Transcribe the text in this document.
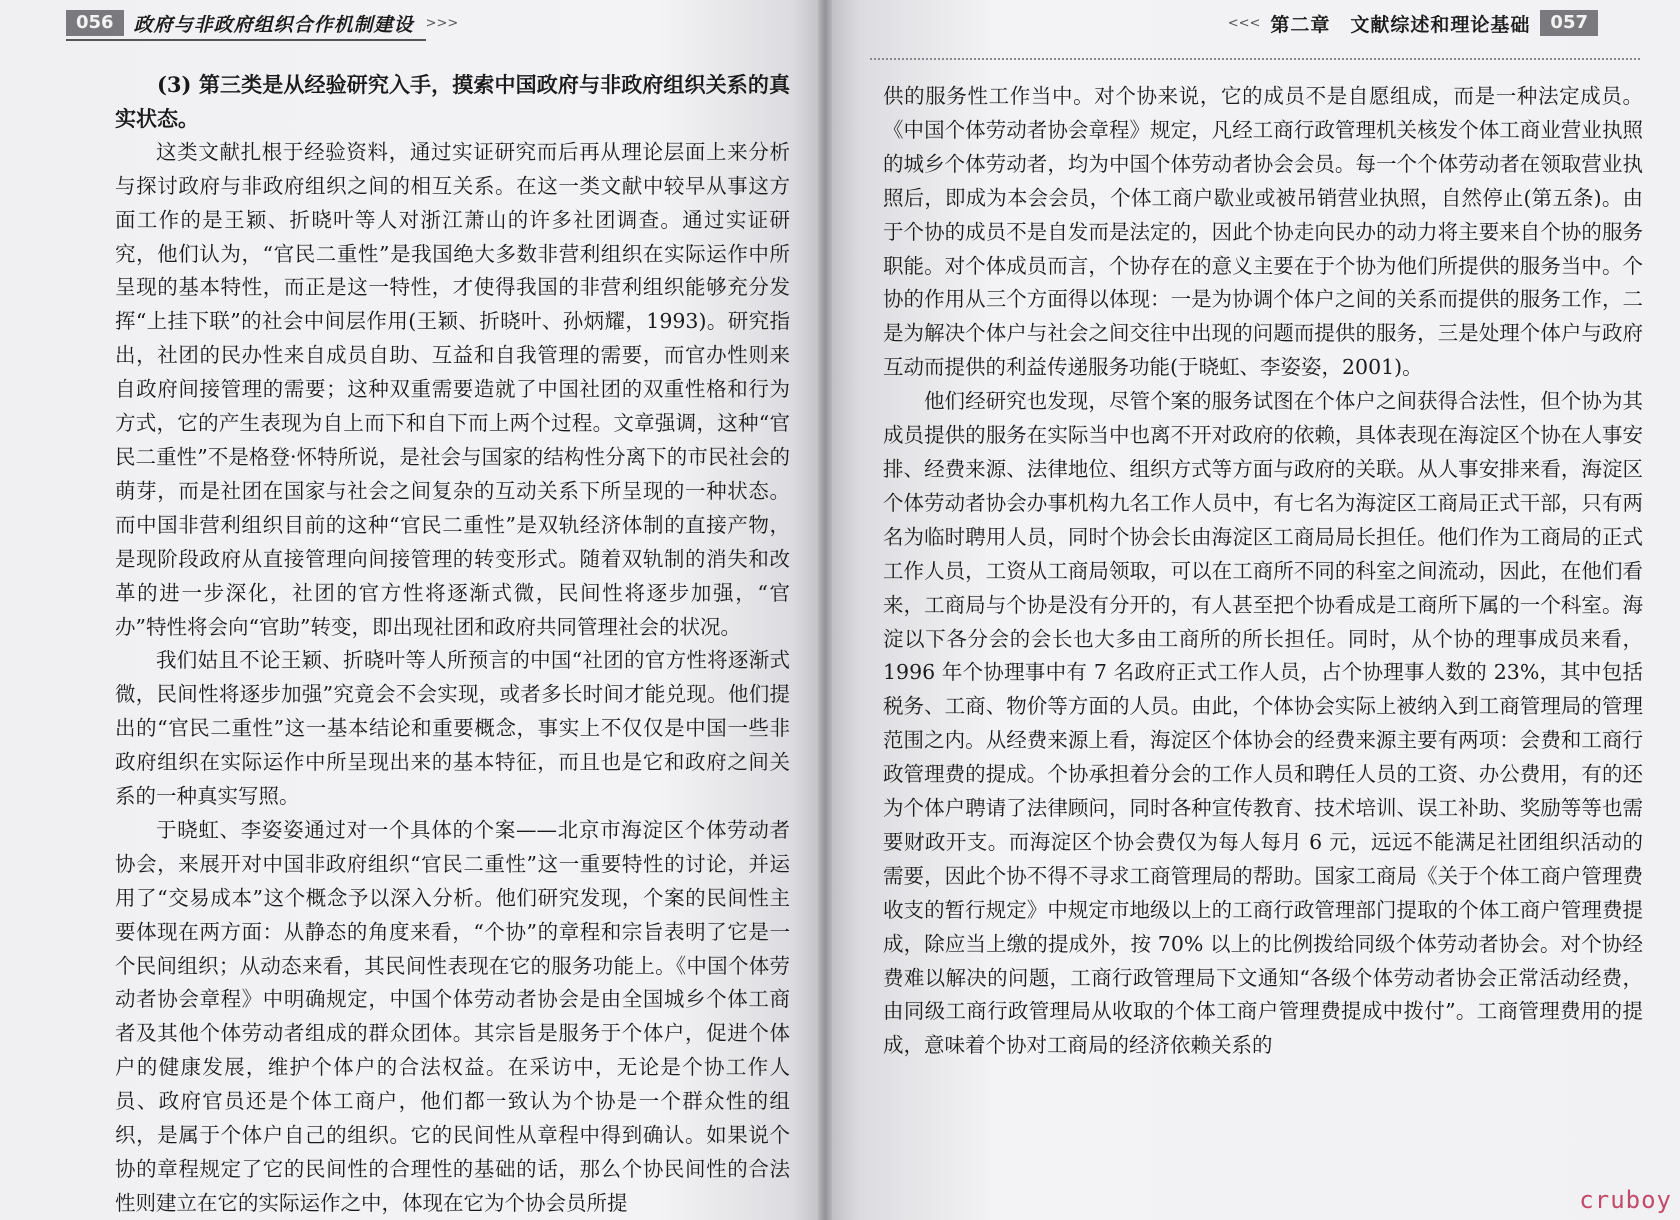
056	政府与非政府组织合作机制建设 >>>

(3) 第三类是从经验研究入手，摸索中国政府与非政府组织关系的真实状态。

这类文献扎根于经验资料，通过实证研究而后再从理论层面上来分析与探讨政府与非政府组织之间的相互关系。在这一类文献中较早从事这方面工作的是王颖、折晓叶等人对浙江萧山的许多社团调查。通过实证研究，他们认为，“官民二重性”是我国绝大多数非营利组织在实际运作中所呈现的基本特性，而正是这一特性，才使得我国的非营利组织能够充分发挥“上挂下联”的社会中间层作用(王颖、折晓叶、孙炳耀，1993)。研究指出，社团的民办性来自成员自助、互益和自我管理的需要，而官办性则来自政府间接管理的需要；这种双重需要造就了中国社团的双重性格和行为方式，它的产生表现为自上而下和自下而上两个过程。文章强调，这种“官民二重性”不是格登·怀特所说，是社会与国家的结构性分离下的市民社会的萌芽，而是社团在国家与社会之间复杂的互动关系下所呈现的一种状态。而中国非营利组织目前的这种“官民二重性”是双轨经济体制的直接产物，是现阶段政府从直接管理向间接管理的转变形式。随着双轨制的消失和改革的进一步深化，社团的官方性将逐渐式微，民间性将逐步加强，“官办”特性将会向“官助”转变，即出现社团和政府共同管理社会的状况。

我们姑且不论王颖、折晓叶等人所预言的中国“社团的官方性将逐渐式微，民间性将逐步加强”究竟会不会实现，或者多长时间才能兑现。他们提出的“官民二重性”这一基本结论和重要概念，事实上不仅仅是中国一些非政府组织在实际运作中所呈现出来的基本特征，而且也是它和政府之间关系的一种真实写照。

于晓虹、李姿姿通过对一个具体的个案——北京市海淀区个体劳动者协会，来展开对中国非政府组织“官民二重性”这一重要特性的讨论，并运用了“交易成本”这个概念予以深入分析。他们研究发现，个案的民间性主要体现在两方面：从静态的角度来看，“个协”的章程和宗旨表明了它是一个民间组织；从动态来看，其民间性表现在它的服务功能上。《中国个体劳动者协会章程》中明确规定，中国个体劳动者协会是由全国城乡个体工商者及其他个体劳动者组成的群众团体。其宗旨是服务于个体户，促进个体户的健康发展，维护个体户的合法权益。在采访中，无论是个协工作人员、政府官员还是个体工商户，他们都一致认为个协是一个群众性的组织，是属于个体户自己的组织。它的民间性从章程中得到确认。如果说个协的章程规定了它的民间性的合理性的基础的话，那么个协民间性的合法性则建立在它的实际运作之中，体现在它为个协会员所提

<<< 第二章　文献综述和理论基础	057

供的服务性工作当中。对个协来说，它的成员不是自愿组成，而是一种法定成员。《中国个体劳动者协会章程》规定，凡经工商行政管理机关核发个体工商业营业执照的城乡个体劳动者，均为中国个体劳动者协会会员。每一个个体劳动者在领取营业执照后，即成为本会会员，个体工商户歇业或被吊销营业执照，自然停止(第五条)。由于个协的成员不是自发而是法定的，因此个协走向民办的动力将主要来自个协的服务职能。对个体成员而言，个协存在的意义主要在于个协为他们所提供的服务当中。个协的作用从三个方面得以体现：一是为协调个体户之间的关系而提供的服务工作，二是为解决个体户与社会之间交往中出现的问题而提供的服务，三是处理个体户与政府互动而提供的利益传递服务功能(于晓虹、李姿姿，2001)。

他们经研究也发现，尽管个案的服务试图在个体户之间获得合法性，但个协为其成员提供的服务在实际当中也离不开对政府的依赖，具体表现在海淀区个协在人事安排、经费来源、法律地位、组织方式等方面与政府的关联。从人事安排来看，海淀区个体劳动者协会办事机构九名工作人员中，有七名为海淀区工商局正式干部，只有两名为临时聘用人员，同时个协会长由海淀区工商局局长担任。他们作为工商局的正式工作人员，工资从工商局领取，可以在工商所不同的科室之间流动，因此，在他们看来，工商局与个协是没有分开的，有人甚至把个协看成是工商所下属的一个科室。海淀以下各分会的会长也大多由工商所的所长担任。同时，从个协的理事成员来看，1996 年个协理事中有 7 名政府正式工作人员，占个协理事人数的 23%，其中包括税务、工商、物价等方面的人员。由此，个体协会实际上被纳入到工商管理局的管理范围之内。从经费来源上看，海淀区个体协会的经费来源主要有两项：会费和工商行政管理费的提成。个协承担着分会的工作人员和聘任人员的工资、办公费用，有的还为个体户聘请了法律顾问，同时各种宣传教育、技术培训、误工补助、奖励等等也需要财政开支。而海淀区个协会费仅为每人每月 6 元，远远不能满足社团组织活动的需要，因此个协不得不寻求工商管理局的帮助。国家工商局《关于个体工商户管理费收支的暂行规定》中规定市地级以上的工商行政管理部门提取的个体工商户管理费提成，除应当上缴的提成外，按 70% 以上的比例拨给同级个体劳动者协会。对个协经费难以解决的问题，工商行政管理局下文通知“各级个体劳动者协会正常活动经费，由同级工商行政管理局从收取的个体工商户管理费提成中拨付”。工商管理费用的提成，意味着个协对工商局的经济依赖关系的

cruboy
